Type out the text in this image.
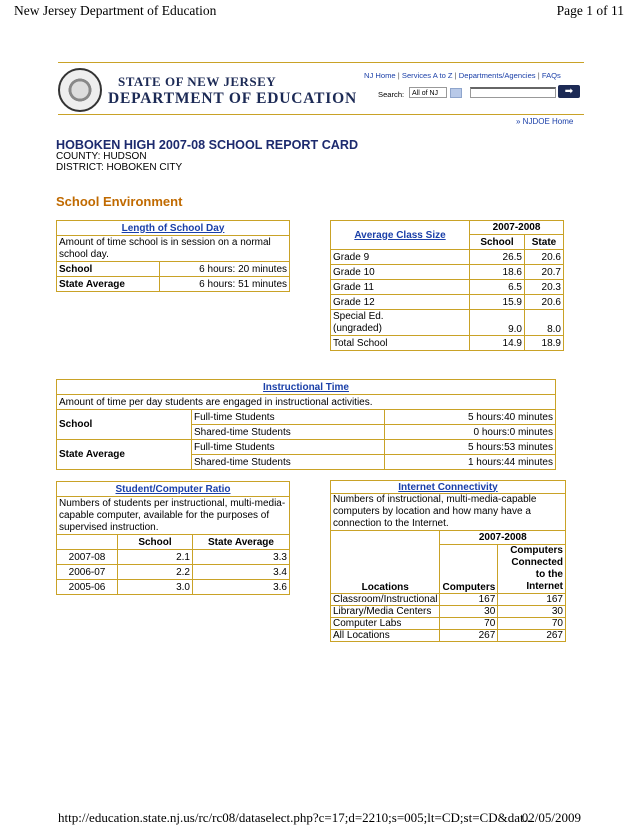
New Jersey Department of Education	Page 1 of 11
STATE OF NEW JERSEY
DEPARTMENT OF EDUCATION
NJ Home | Services A to Z | Departments/Agencies | FAQs
Search:	All of NJ	➡
» NJDOE Home
HOBOKEN HIGH 2007-08 SCHOOL REPORT CARD
COUNTY: HUDSON
DISTRICT: HOBOKEN CITY
School Environment
Length of School Day	
Amount of time school is in session on a normal school day.	
School	6 hours: 20 minutes
State Average	6 hours: 51 minutes
Average Class Size	2007-2008	
	School	State
Grade 9	26.5	20.6
Grade 10	18.6	20.7
Grade 11	6.5	20.3
Grade 12	15.9	20.6
Special Ed.
(ungraded)	9.0	8.0
Total School	14.9	18.9
Instructional Time		
Amount of time per day students are engaged in instructional activities.		
School	Full-time Students	5 hours:40 minutes
	Shared-time Students	0 hours:0 minutes
State Average	Full-time Students	5 hours:53 minutes
	Shared-time Students	1 hours:44 minutes
Student/Computer Ratio		
Numbers of students per instructional, multi-media-capable computer, available for the purposes of supervised instruction.		
	School	State Average
2007-08	2.1	3.3
2006-07	2.2	3.4
2005-06	3.0	3.6
Internet Connectivity		
Numbers of instructional, multi-media-capable computers by location and how many have a connection to the Internet.		
Locations	2007-2008	
	Computers	Computers Connected to the Internet
Classroom/Instructional	167	167
Library/Media Centers	30	30
Computer Labs	70	70
All Locations	267	267
http://education.state.nj.us/rc/rc08/dataselect.php?c=17;d=2210;s=005;lt=CD;st=CD&dat...
02/05/2009
